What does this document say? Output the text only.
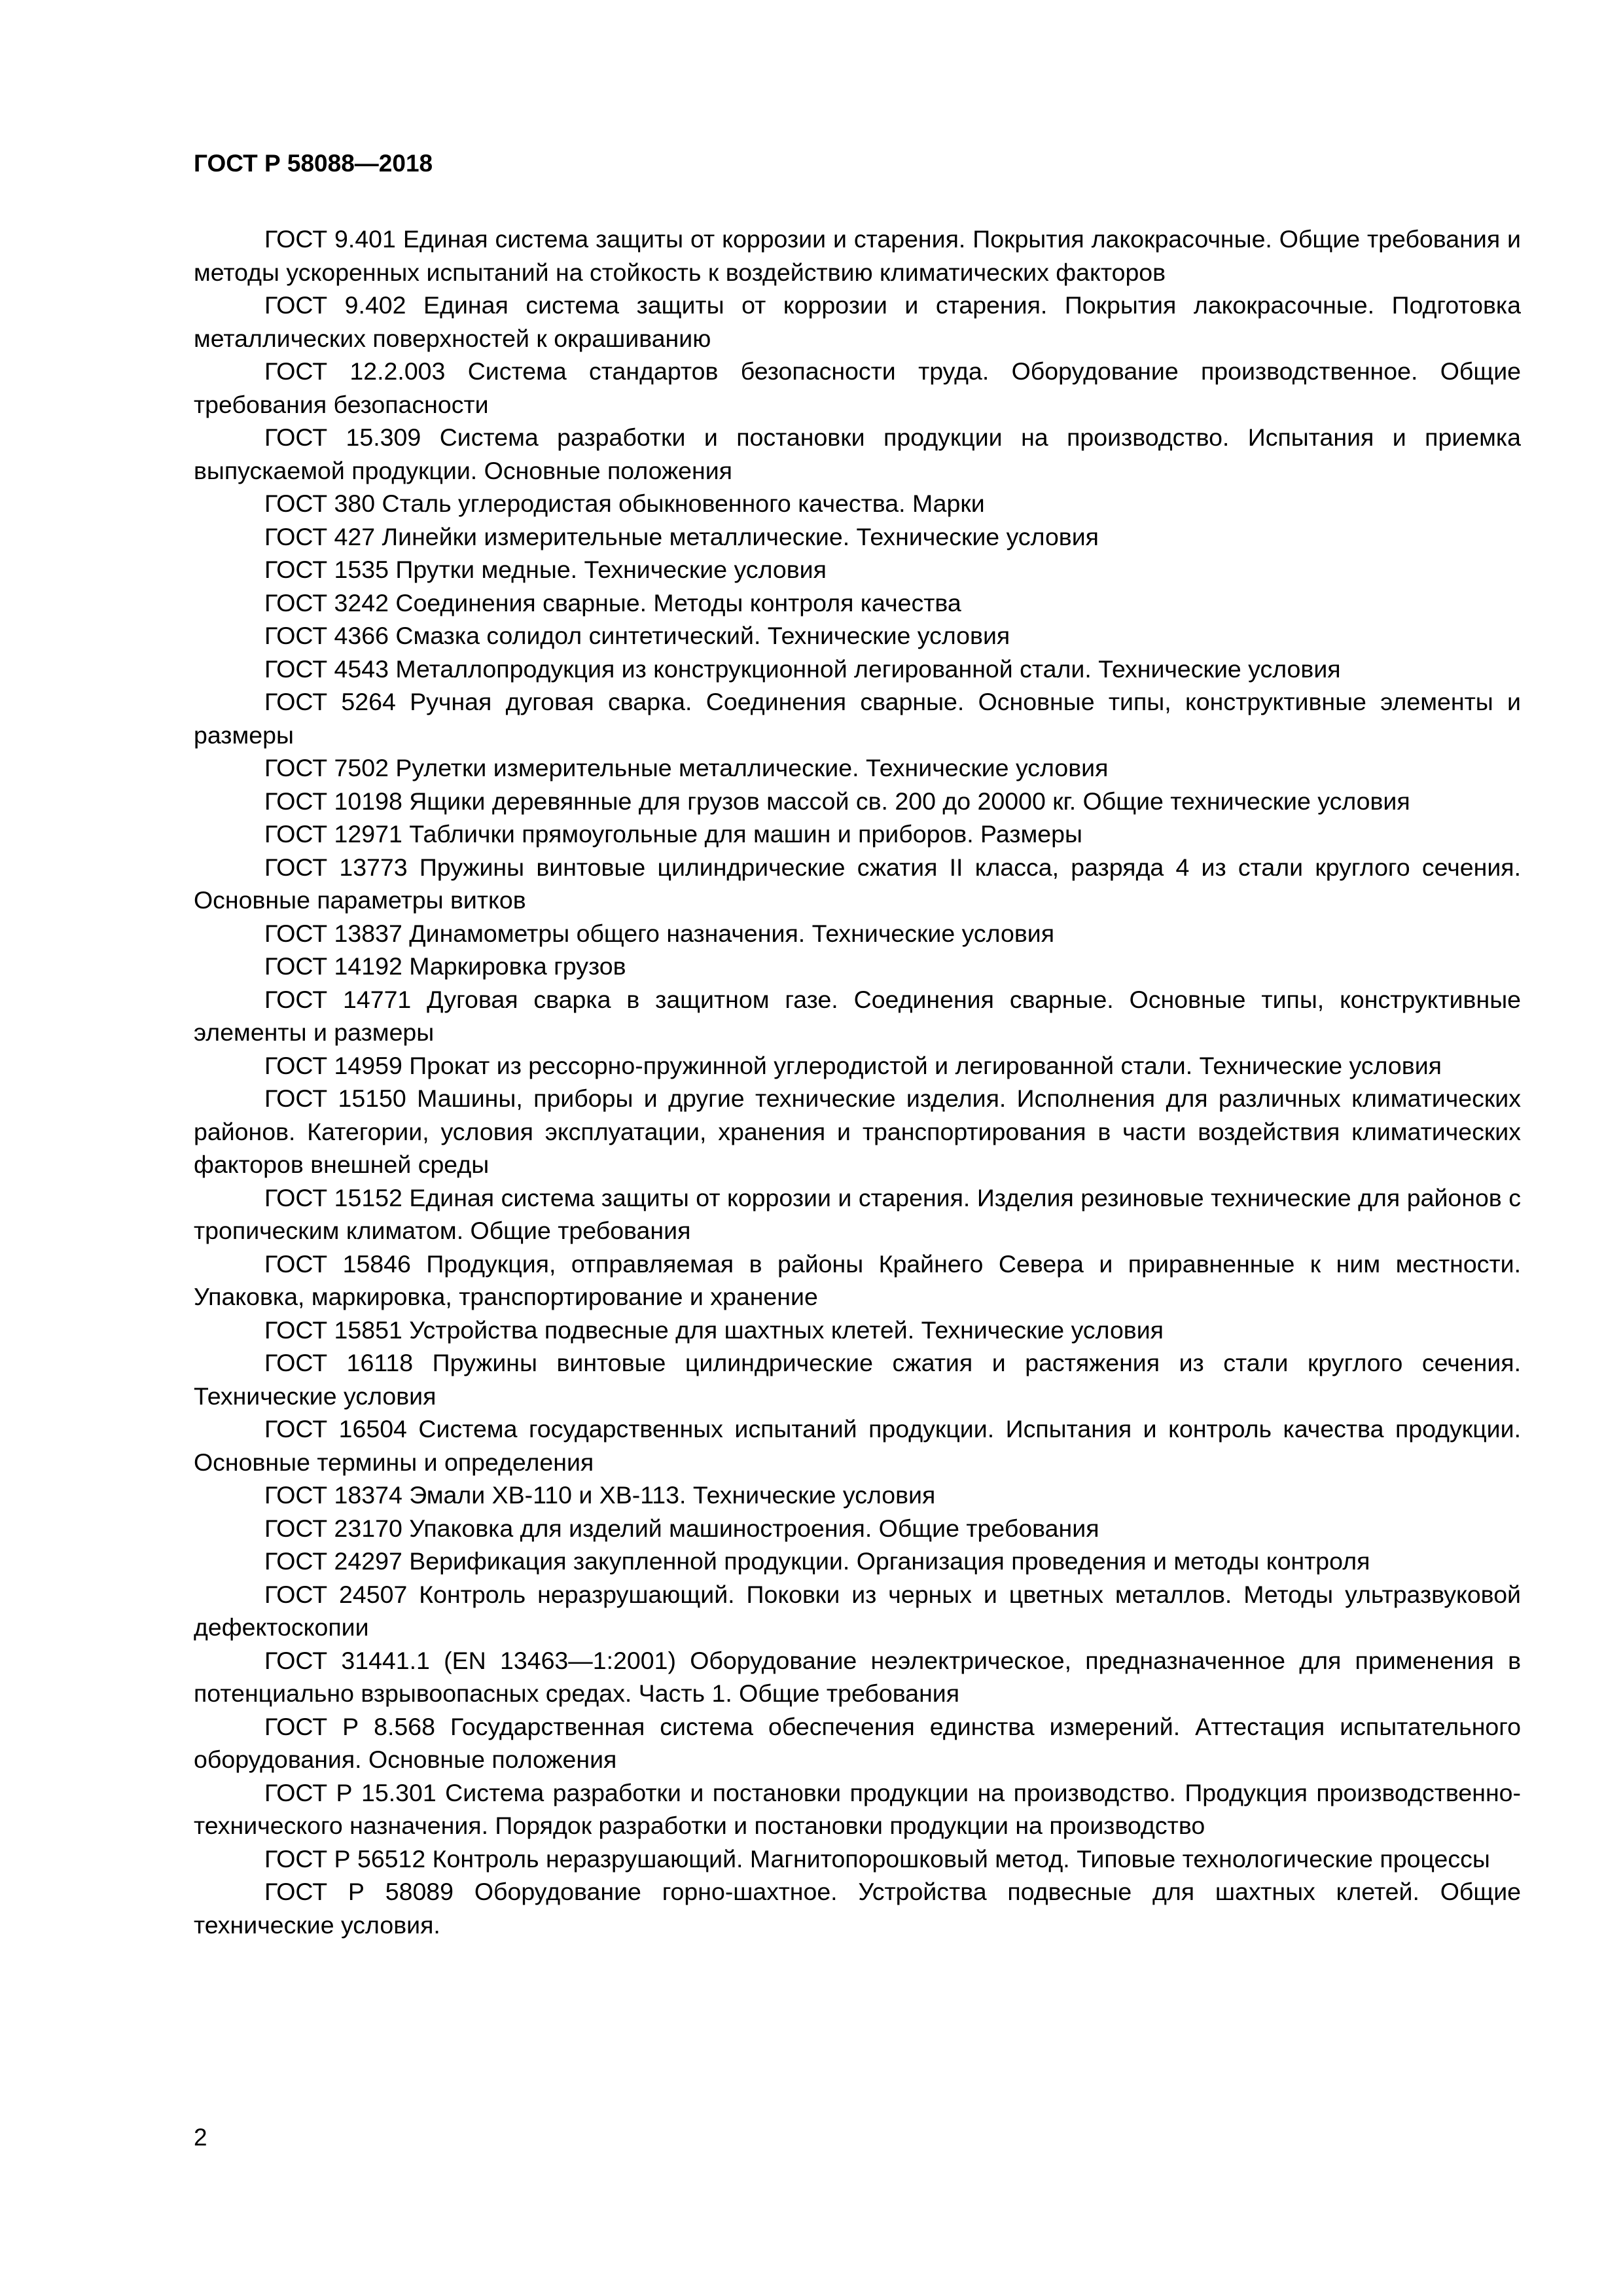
ГОСТ Р 58088—2018

ГОСТ 9.401 Единая система защиты от коррозии и старения. Покрытия лакокрасочные. Общие требования и методы ускоренных испытаний на стойкость к воздействию климатических факторов

ГОСТ 9.402 Единая система защиты от коррозии и старения. Покрытия лакокрасочные. Подготовка металлических поверхностей к окрашиванию

ГОСТ 12.2.003 Система стандартов безопасности труда. Оборудование производственное. Общие требования безопасности

ГОСТ 15.309 Система разработки и постановки продукции на производство. Испытания и приемка выпускаемой продукции. Основные положения

ГОСТ 380 Сталь углеродистая обыкновенного качества. Марки

ГОСТ 427 Линейки измерительные металлические. Технические условия

ГОСТ 1535 Прутки медные. Технические условия

ГОСТ 3242 Соединения сварные. Методы контроля качества

ГОСТ 4366 Смазка солидол синтетический. Технические условия

ГОСТ 4543 Металлопродукция из конструкционной легированной стали. Технические условия

ГОСТ 5264 Ручная дуговая сварка. Соединения сварные. Основные типы, конструктивные элементы и размеры

ГОСТ 7502 Рулетки измерительные металлические. Технические условия

ГОСТ 10198 Ящики деревянные для грузов массой св. 200 до 20000 кг. Общие технические условия

ГОСТ 12971 Таблички прямоугольные для машин и приборов. Размеры

ГОСТ 13773 Пружины винтовые цилиндрические сжатия II класса, разряда 4 из стали круглого сечения. Основные параметры витков

ГОСТ 13837 Динамометры общего назначения. Технические условия

ГОСТ 14192 Маркировка грузов

ГОСТ 14771 Дуговая сварка в защитном газе. Соединения сварные. Основные типы, конструктивные элементы и размеры

ГОСТ 14959 Прокат из рессорно-пружинной углеродистой и легированной стали. Технические условия

ГОСТ 15150 Машины, приборы и другие технические изделия. Исполнения для различных климатических районов. Категории, условия эксплуатации, хранения и транспортирования в части воздействия климатических факторов внешней среды

ГОСТ 15152 Единая система защиты от коррозии и старения. Изделия резиновые технические для районов с тропическим климатом. Общие требования

ГОСТ 15846 Продукция, отправляемая в районы Крайнего Севера и приравненные к ним местности. Упаковка, маркировка, транспортирование и хранение

ГОСТ 15851 Устройства подвесные для шахтных клетей. Технические условия

ГОСТ 16118 Пружины винтовые цилиндрические сжатия и растяжения из стали круглого сечения. Технические условия

ГОСТ 16504 Система государственных испытаний продукции. Испытания и контроль качества продукции. Основные термины и определения

ГОСТ 18374 Эмали ХВ-110 и ХВ-113. Технические условия

ГОСТ 23170 Упаковка для изделий машиностроения. Общие требования

ГОСТ 24297 Верификация закупленной продукции. Организация проведения и методы контроля

ГОСТ 24507 Контроль неразрушающий. Поковки из черных и цветных металлов. Методы ультразвуковой дефектоскопии

ГОСТ 31441.1 (EN 13463—1:2001) Оборудование неэлектрическое, предназначенное для применения в потенциально взрывоопасных средах. Часть 1. Общие требования

ГОСТ Р 8.568 Государственная система обеспечения единства измерений. Аттестация испытательного оборудования. Основные положения

ГОСТ Р 15.301 Система разработки и постановки продукции на производство. Продукция производственно-технического назначения. Порядок разработки и постановки продукции на производство

ГОСТ Р 56512 Контроль неразрушающий. Магнитопорошковый метод. Типовые технологические процессы

ГОСТ Р 58089 Оборудование горно-шахтное. Устройства подвесные для шахтных клетей. Общие технические условия.

2
